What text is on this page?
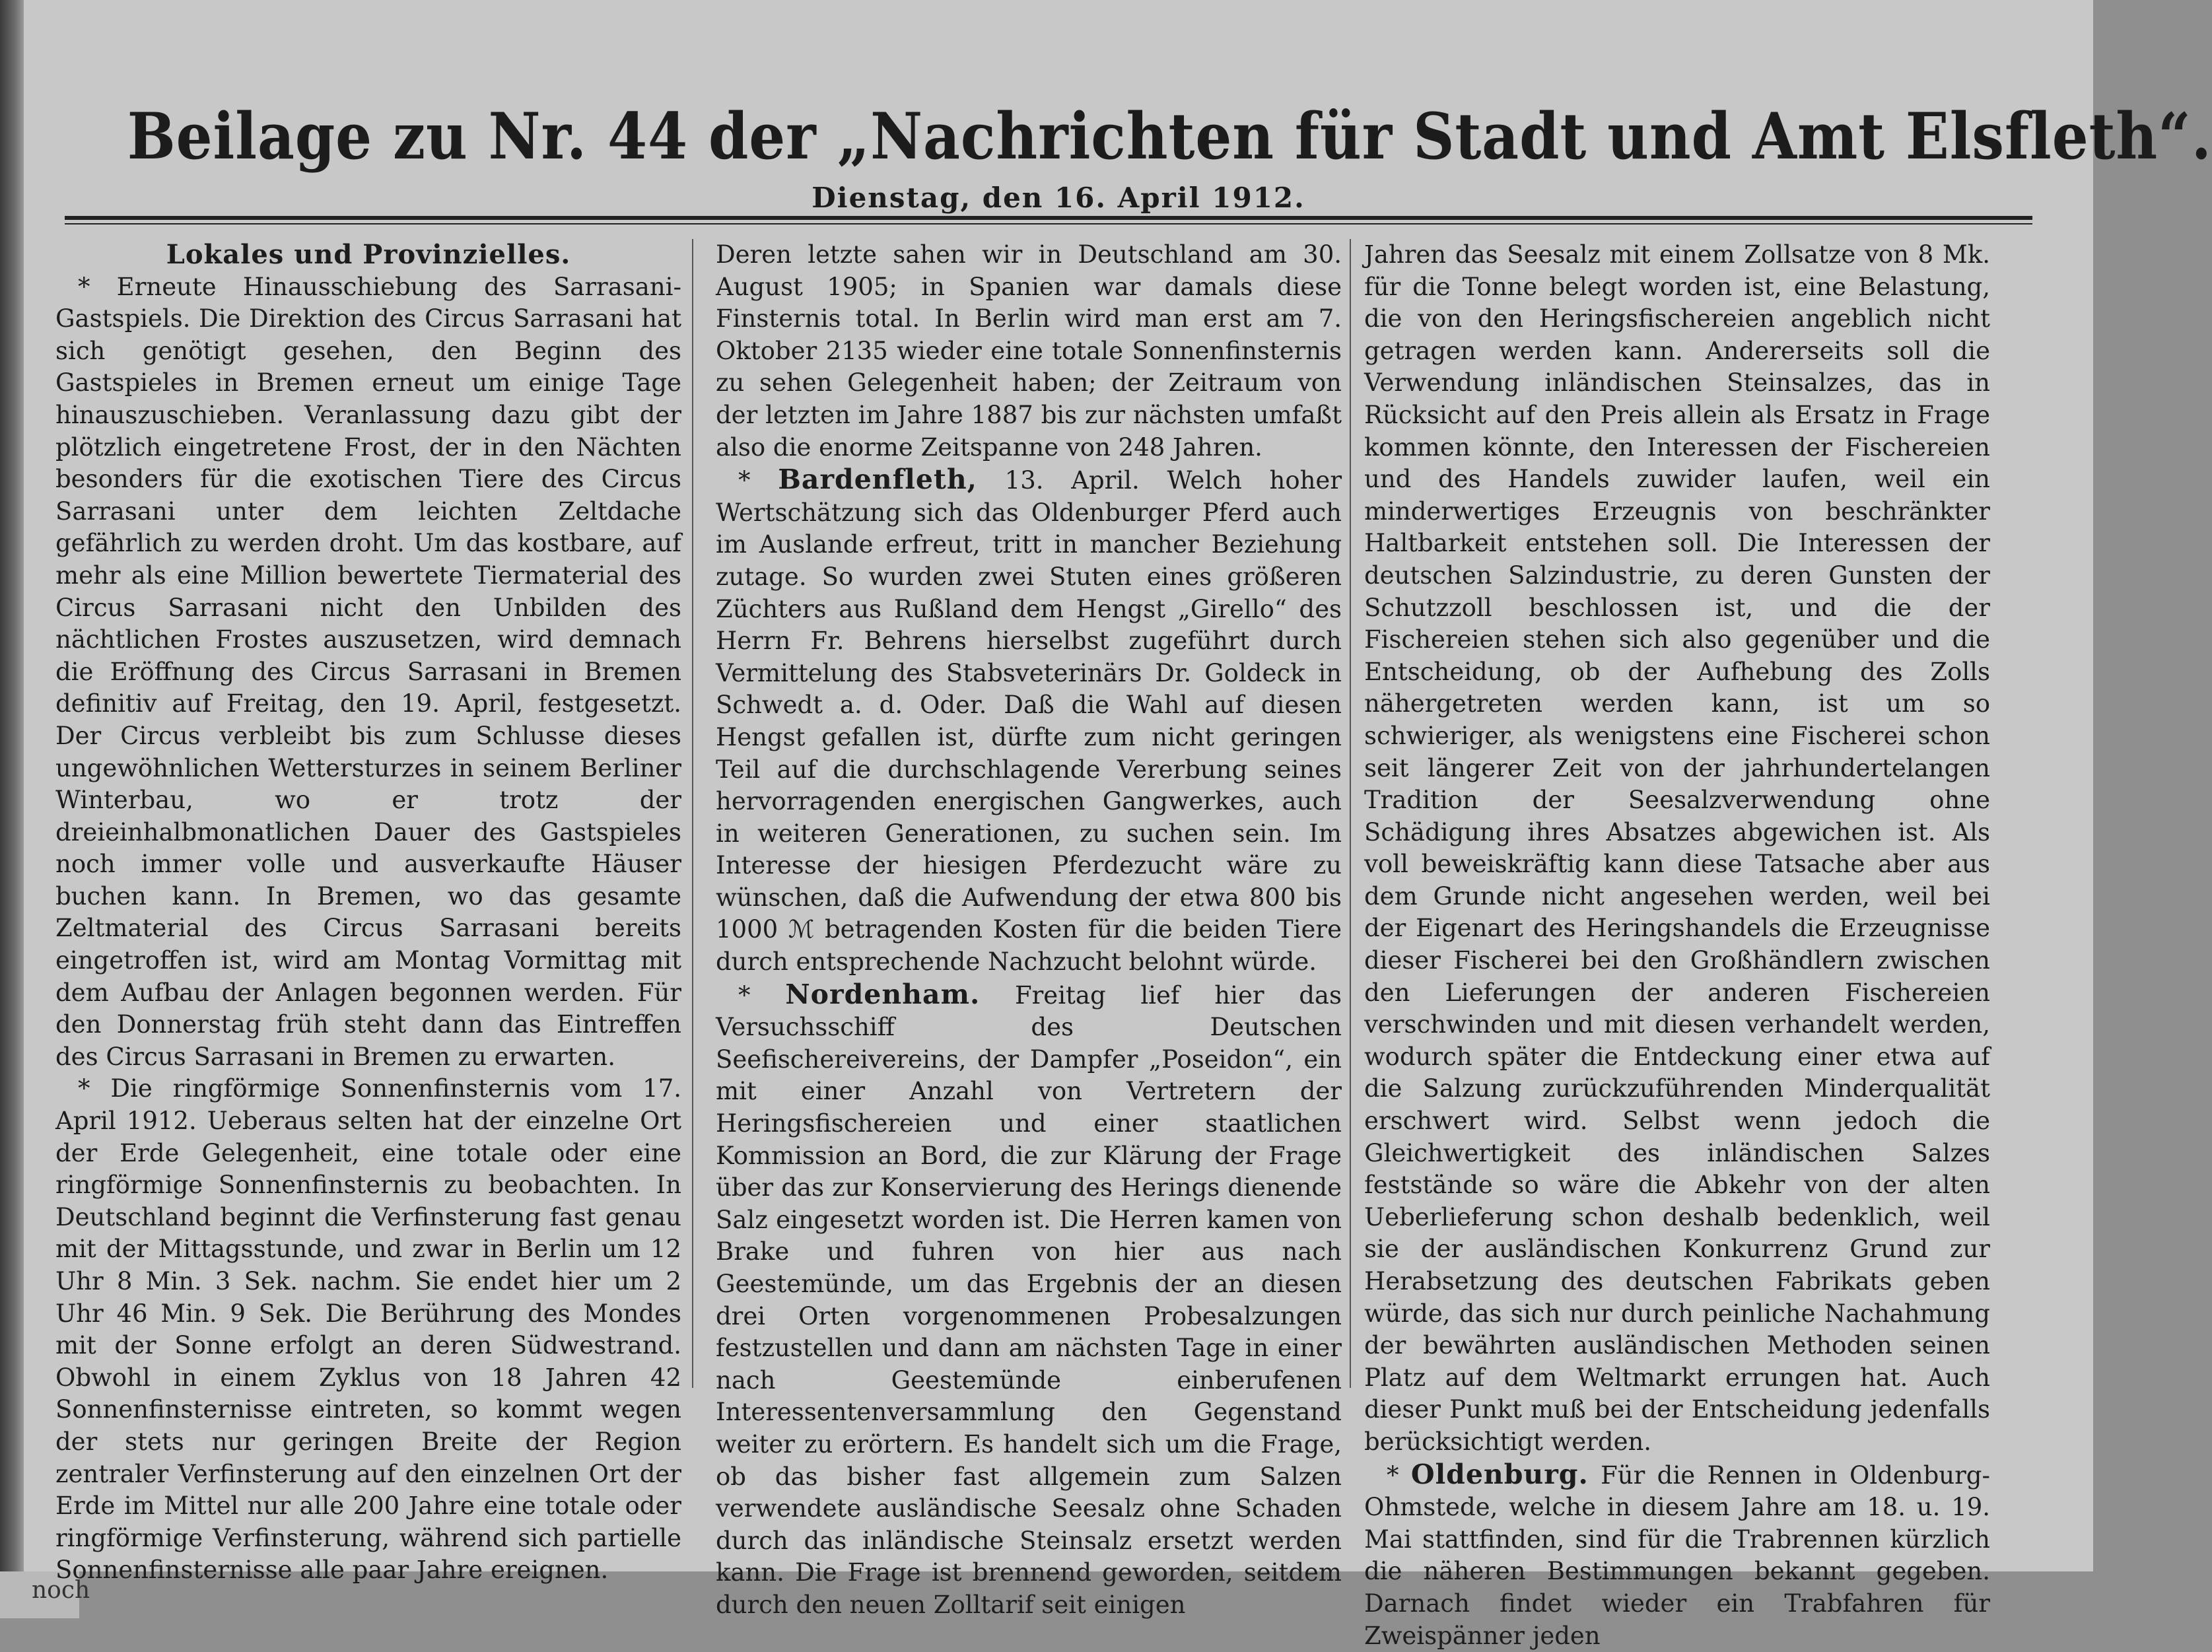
noch
Beilage zu Nr. 44 der „Nachrichten für Stadt und Amt Elsfleth“.
Dienstag, den 16. April 1912.
Lokales und Provinzielles.

* Erneute Hinausschiebung des Sarrasani-Gastspiels. Die Direktion des Circus Sarrasani hat sich genötigt gesehen, den Beginn des Gastspieles in Bremen erneut um einige Tage hinauszuschieben. Veranlassung dazu gibt der plötzlich eingetretene Frost, der in den Nächten besonders für die exotischen Tiere des Circus Sarrasani unter dem leichten Zeltdache gefährlich zu werden droht. Um das kostbare, auf mehr als eine Million bewertete Tiermaterial des Circus Sarrasani nicht den Unbilden des nächtlichen Frostes auszusetzen, wird demnach die Eröffnung des Circus Sarrasani in Bremen definitiv auf Freitag, den 19. April, festgesetzt. Der Circus verbleibt bis zum Schlusse dieses ungewöhnlichen Wettersturzes in seinem Berliner Winterbau, wo er trotz der dreieinhalbmonatlichen Dauer des Gastspieles noch immer volle und ausverkaufte Häuser buchen kann. In Bremen, wo das gesamte Zeltmaterial des Circus Sarrasani bereits eingetroffen ist, wird am Montag Vormittag mit dem Aufbau der Anlagen begonnen werden. Für den Donnerstag früh steht dann das Eintreffen des Circus Sarrasani in Bremen zu erwarten.

* Die ringförmige Sonnenfinsternis vom 17. April 1912. Ueberaus selten hat der einzelne Ort der Erde Gelegenheit, eine totale oder eine ringförmige Sonnenfinsternis zu beobachten. In Deutschland beginnt die Verfinsterung fast genau mit der Mittagsstunde, und zwar in Berlin um 12 Uhr 8 Min. 3 Sek. nachm. Sie endet hier um 2 Uhr 46 Min. 9 Sek. Die Berührung des Mondes mit der Sonne erfolgt an deren Südwestrand. Obwohl in einem Zyklus von 18 Jahren 42 Sonnenfinsternisse eintreten, so kommt wegen der stets nur geringen Breite der Region zentraler Verfinsterung auf den einzelnen Ort der Erde im Mittel nur alle 200 Jahre eine totale oder ringförmige Verfinsterung, während sich partielle Sonnenfinsternisse alle paar Jahre ereignen.

Deren letzte sahen wir in Deutschland am 30. August 1905; in Spanien war damals diese Finsternis total. In Berlin wird man erst am 7. Oktober 2135 wieder eine totale Sonnenfinsternis zu sehen Gelegenheit haben; der Zeitraum von der letzten im Jahre 1887 bis zur nächsten umfaßt also die enorme Zeitspanne von 248 Jahren.

* Bardenfleth, 13. April. Welch hoher Wertschätzung sich das Oldenburger Pferd auch im Auslande erfreut, tritt in mancher Beziehung zutage. So wurden zwei Stuten eines größeren Züchters aus Rußland dem Hengst „Girello“ des Herrn Fr. Behrens hierselbst zugeführt durch Vermittelung des Stabsveterinärs Dr. Goldeck in Schwedt a. d. Oder. Daß die Wahl auf diesen Hengst gefallen ist, dürfte zum nicht geringen Teil auf die durchschlagende Vererbung seines hervorragenden energischen Gangwerkes, auch in weiteren Generationen, zu suchen sein. Im Interesse der hiesigen Pferdezucht wäre zu wünschen, daß die Aufwendung der etwa 800 bis 1000 ℳ betragenden Kosten für die beiden Tiere durch entsprechende Nachzucht belohnt würde.

* Nordenham. Freitag lief hier das Versuchsschiff des Deutschen Seefischereivereins, der Dampfer „Poseidon“, ein mit einer Anzahl von Vertretern der Heringsfischereien und einer staatlichen Kommission an Bord, die zur Klärung der Frage über das zur Konservierung des Herings dienende Salz eingesetzt worden ist. Die Herren kamen von Brake und fuhren von hier aus nach Geestemünde, um das Ergebnis der an diesen drei Orten vorgenommenen Probesalzungen festzustellen und dann am nächsten Tage in einer nach Geestemünde einberufenen Interessentenversammlung den Gegenstand weiter zu erörtern. Es handelt sich um die Frage, ob das bisher fast allgemein zum Salzen verwendete ausländische Seesalz ohne Schaden durch das inländische Steinsalz ersetzt werden kann. Die Frage ist brennend geworden, seitdem durch den neuen Zolltarif seit einigen

Jahren das Seesalz mit einem Zollsatze von 8 Mk. für die Tonne belegt worden ist, eine Belastung, die von den Heringsfischereien angeblich nicht getragen werden kann. Andererseits soll die Verwendung inländischen Steinsalzes, das in Rücksicht auf den Preis allein als Ersatz in Frage kommen könnte, den Interessen der Fischereien und des Handels zuwider laufen, weil ein minderwertiges Erzeugnis von beschränkter Haltbarkeit entstehen soll. Die Interessen der deutschen Salzindustrie, zu deren Gunsten der Schutzzoll beschlossen ist, und die der Fischereien stehen sich also gegenüber und die Entscheidung, ob der Aufhebung des Zolls nähergetreten werden kann, ist um so schwieriger, als wenigstens eine Fischerei schon seit längerer Zeit von der jahrhundertelangen Tradition der Seesalzverwendung ohne Schädigung ihres Absatzes abgewichen ist. Als voll beweiskräftig kann diese Tatsache aber aus dem Grunde nicht angesehen werden, weil bei der Eigenart des Heringshandels die Erzeugnisse dieser Fischerei bei den Großhändlern zwischen den Lieferungen der anderen Fischereien verschwinden und mit diesen verhandelt werden, wodurch später die Entdeckung einer etwa auf die Salzung zurückzuführenden Minderqualität erschwert wird. Selbst wenn jedoch die Gleichwertigkeit des inländischen Salzes feststände so wäre die Abkehr von der alten Ueberlieferung schon deshalb bedenklich, weil sie der ausländischen Konkurrenz Grund zur Herabsetzung des deutschen Fabrikats geben würde, das sich nur durch peinliche Nachahmung der bewährten ausländischen Methoden seinen Platz auf dem Weltmarkt errungen hat. Auch dieser Punkt muß bei der Entscheidung jedenfalls berücksichtigt werden.

* Oldenburg. Für die Rennen in Oldenburg-Ohmstede, welche in diesem Jahre am 18. u. 19. Mai stattfinden, sind für die Trabrennen kürzlich die näheren Bestimmungen bekannt gegeben. Darnach findet wieder ein Trabfahren für Zweispänner jeden
